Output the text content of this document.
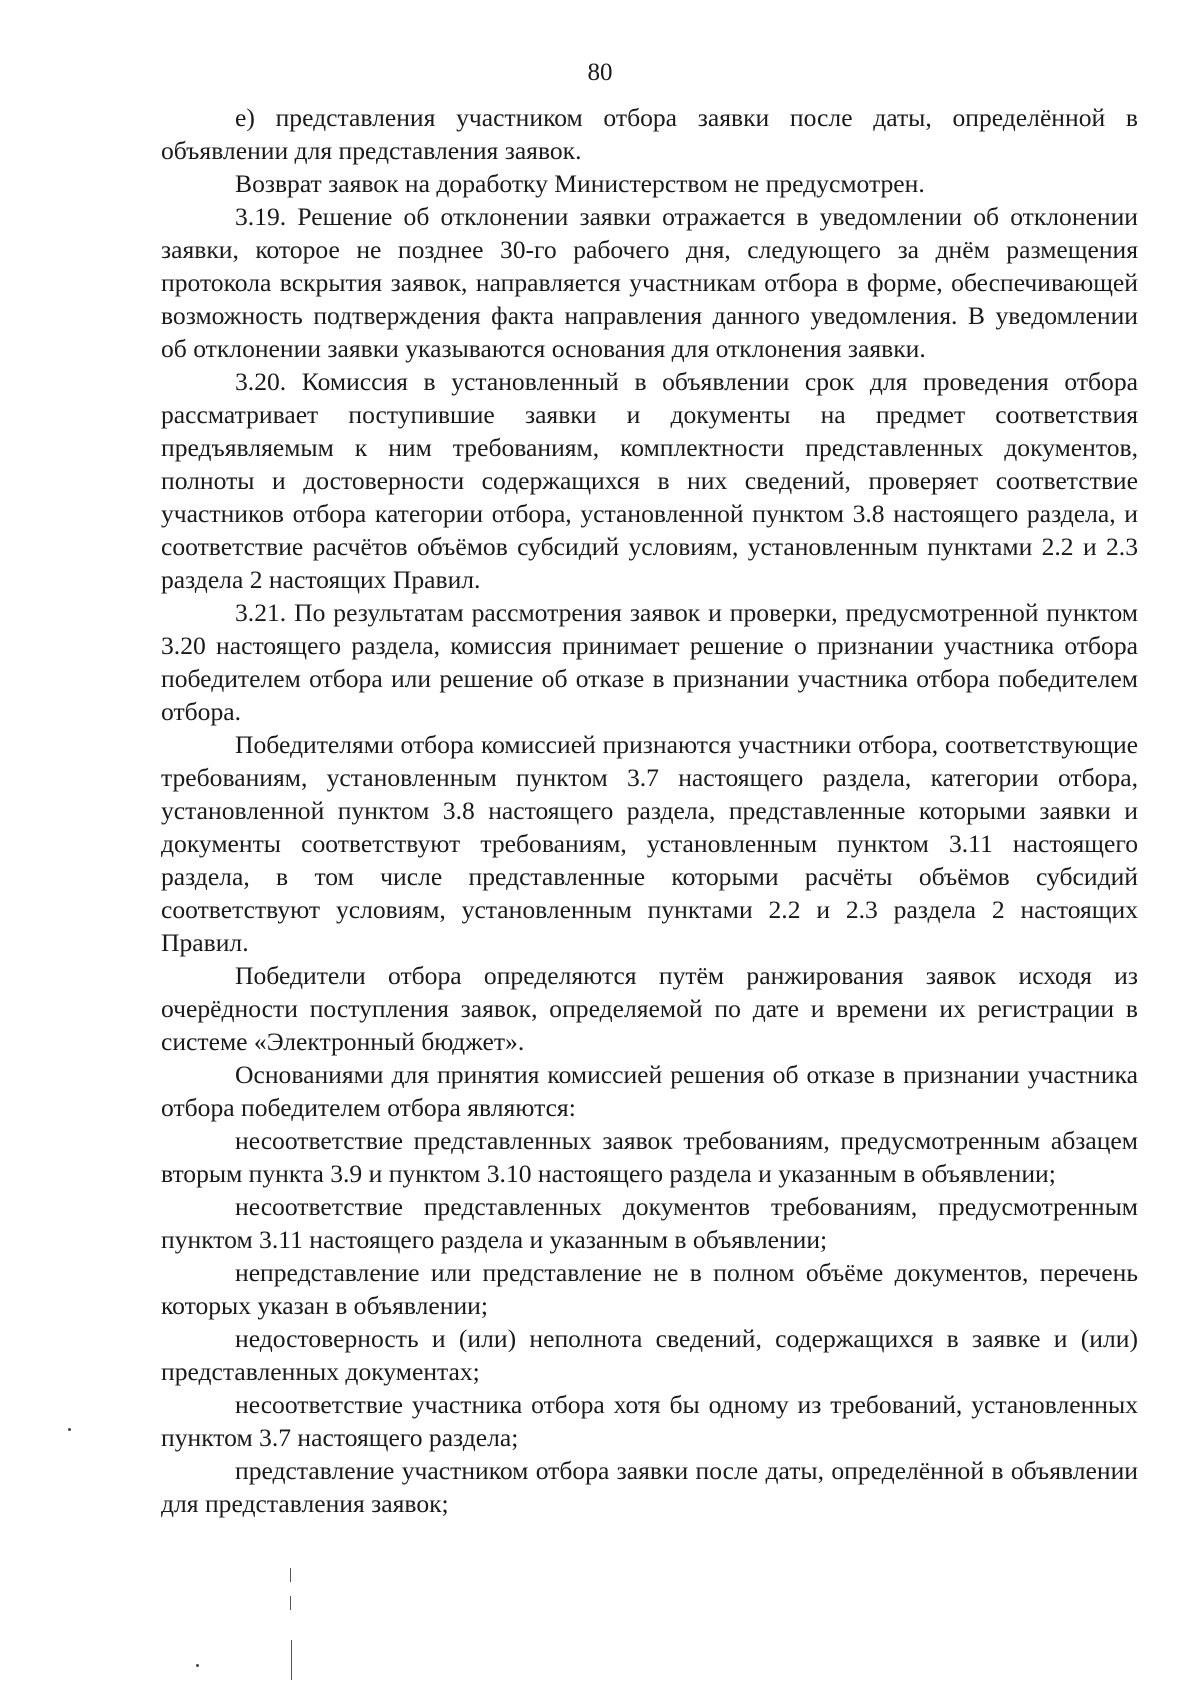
80

е) представления участником отбора заявки после даты, определённой в объявлении для представления заявок.

Возврат заявок на доработку Министерством не предусмотрен.

3.19. Решение об отклонении заявки отражается в уведомлении об отклонении заявки, которое не позднее 30-го рабочего дня, следующего за днём размещения протокола вскрытия заявок, направляется участникам отбора в форме, обеспечивающей возможность подтверждения факта направления данного уведомления. В уведомлении об отклонении заявки указываются основания для отклонения заявки.

3.20. Комиссия в установленный в объявлении срок для проведения отбора рассматривает поступившие заявки и документы на предмет соответствия предъявляемым к ним требованиям, комплектности представленных документов, полноты и достоверности содержащихся в них сведений, проверяет соответствие участников отбора категории отбора, установленной пунктом 3.8 настоящего раздела, и соответствие расчётов объёмов субсидий условиям, установленным пунктами 2.2 и 2.3 раздела 2 настоящих Правил.

3.21. По результатам рассмотрения заявок и проверки, предусмотренной пунктом 3.20 настоящего раздела, комиссия принимает решение о признании участника отбора победителем отбора или решение об отказе в признании участника отбора победителем отбора.

Победителями отбора комиссией признаются участники отбора, соответствующие требованиям, установленным пунктом 3.7 настоящего раздела, категории отбора, установленной пунктом 3.8 настоящего раздела, представленные которыми заявки и документы соответствуют требованиям, установленным пунктом 3.11 настоящего раздела, в том числе представленные которыми расчёты объёмов субсидий соответствуют условиям, установленным пунктами 2.2 и 2.3 раздела 2 настоящих Правил.

Победители отбора определяются путём ранжирования заявок исходя из очерёдности поступления заявок, определяемой по дате и времени их регистрации в системе «Электронный бюджет».

Основаниями для принятия комиссией решения об отказе в признании участника отбора победителем отбора являются:

несоответствие представленных заявок требованиям, предусмотренным абзацем вторым пункта 3.9 и пунктом 3.10 настоящего раздела и указанным в объявлении;

несоответствие представленных документов требованиям, предусмотренным пунктом 3.11 настоящего раздела и указанным в объявлении;

непредставление или представление не в полном объёме документов, перечень которых указан в объявлении;

недостоверность и (или) неполнота сведений, содержащихся в заявке и (или) представленных документах;

несоответствие участника отбора хотя бы одному из требований, установленных пунктом 3.7 настоящего раздела;

представление участником отбора заявки после даты, определённой в объявлении для представления заявок;
